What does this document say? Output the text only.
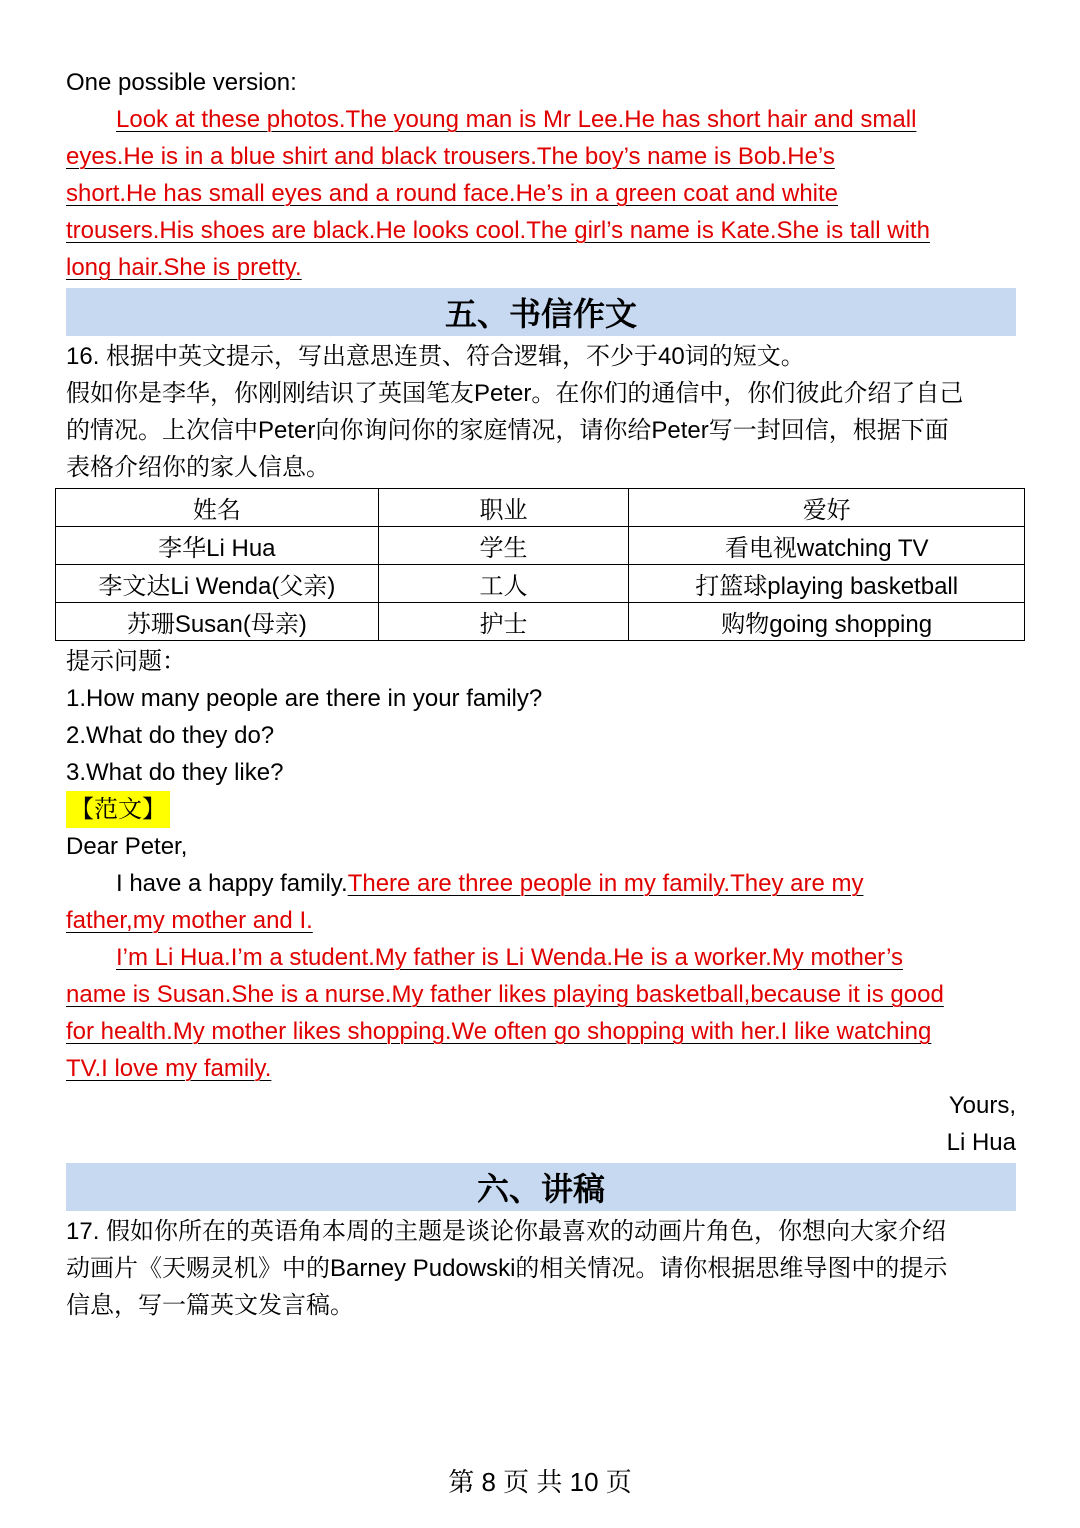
One possible version:
Look at these photos.The young man is Mr Lee.He has short hair and small
eyes.He is in a blue shirt and black trousers.The boy’s name is Bob.He’s
short.He has small eyes and a round face.He’s in a green coat and white
trousers.His shoes are black.He looks cool.The girl’s name is Kate.She is tall with
long hair.She is pretty.
五、书信作文
16. 根据中英文提示，写出意思连贯、符合逻辑，不少于40词的短文。
假如你是李华，你刚刚结识了英国笔友Peter。在你们的通信中，你们彼此介绍了自己
的情况。上次信中Peter向你询问你的家庭情况，请你给Peter写一封回信，根据下面
表格介绍你的家人信息。
姓名	职业	爱好
李华Li Hua	学生	看电视watching TV
李文达Li Wenda(父亲)	工人	打篮球playing basketball
苏珊Susan(母亲)	护士	购物going shopping
提示问题：
1.How many people are there in your family?
2.What do they do?
3.What do they like?
【范文】
Dear Peter,
I have a happy family.There are three people in my family.They are my
father,my mother and I.
I’m Li Hua.I’m a student.My father is Li Wenda.He is a worker.My mother’s
name is Susan.She is a nurse.My father likes playing basketball,because it is good
for health.My mother likes shopping.We often go shopping with her.I like watching
TV.I love my family.
Yours,
Li Hua
六、讲稿
17. 假如你所在的英语角本周的主题是谈论你最喜欢的动画片角色，你想向大家介绍
动画片《天赐灵机》中的Barney Pudowski的相关情况。请你根据思维导图中的提示
信息，写一篇英文发言稿。
第 8 页 共 10 页
